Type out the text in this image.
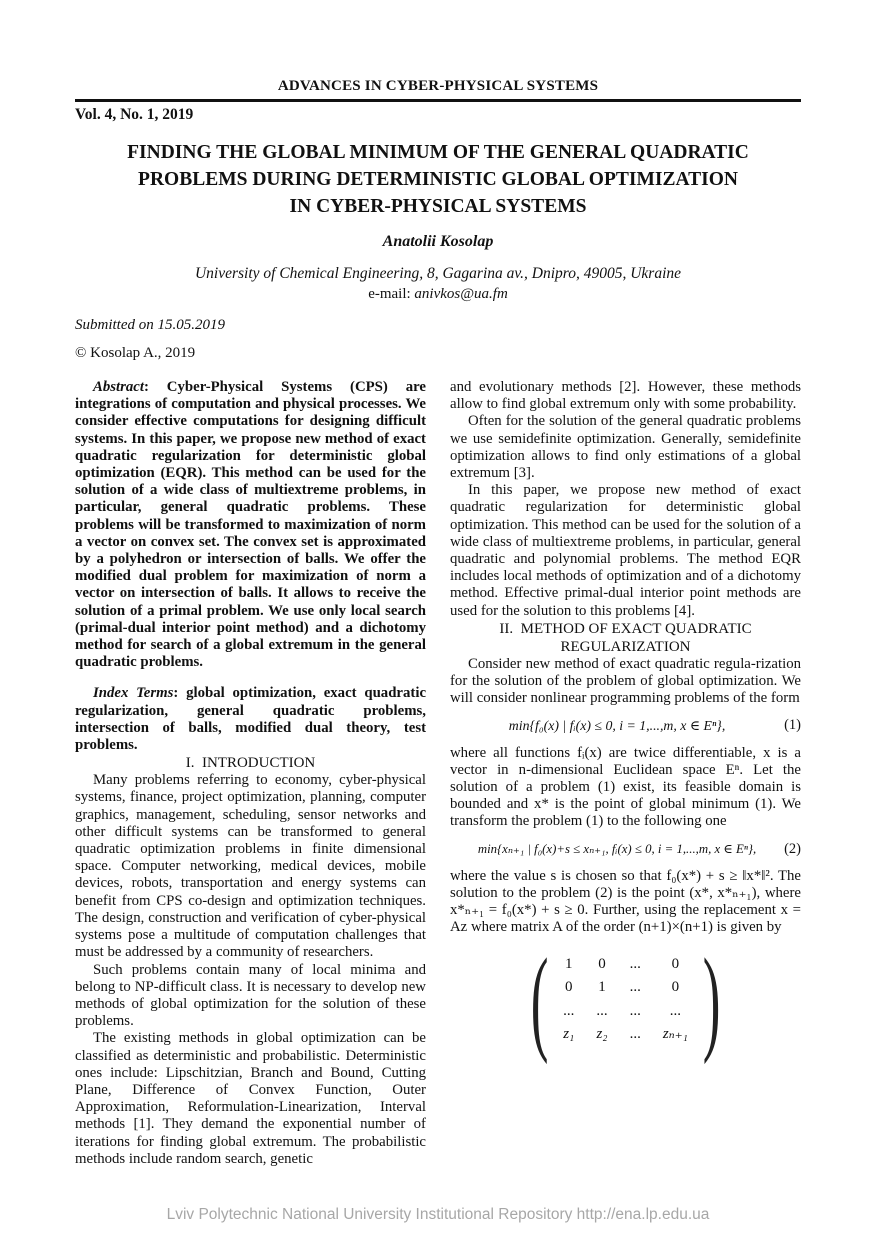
ADVANCES IN CYBER-PHYSICAL SYSTEMS
Vol. 4, No. 1, 2019
FINDING THE GLOBAL MINIMUM OF THE GENERAL QUADRATIC
PROBLEMS DURING DETERMINISTIC GLOBAL OPTIMIZATION
IN CYBER-PHYSICAL SYSTEMS
Anatolii Kosolap
University of Chemical Engineering, 8, Gagarina av., Dnipro, 49005, Ukraine
e-mail: anivkos@ua.fm
Submitted on 15.05.2019
© Kosolap A., 2019

Abstract: Cyber-Physical Systems (CPS) are integrations of computation and physical processes. We consider effective computations for designing difficult systems. In this paper, we propose new method of exact quadratic regularization for deterministic global optimization (EQR). This method can be used for the solution of a wide class of multiextreme problems, in particular, general quadratic problems. These problems will be transformed to maximization of norm a vector on convex set. The convex set is approximated by a polyhedron or intersection of balls. We offer the modified dual problem for maximization of norm a vector on intersection of balls. It allows to receive the solution of a primal problem. We use only local search (primal-dual interior point method) and a dichotomy method for search of a global extremum in the general quadratic problems.

Index Terms: global optimization, exact quadratic regularization, general quadratic problems, intersection of balls, modified dual theory, test problems.

I.  INTRODUCTION

Many problems referring to economy, cyber-physical systems, finance, project optimization, planning, computer graphics, management, scheduling, sensor networks and other difficult systems can be transformed to general quadratic optimization problems in finite dimensional space. Computer networking, medical devices, mobile devices, robots, transportation and energy systems can benefit from CPS co-design and optimization techniques. The design, construction and verification of cyber-physical systems pose a multitude of computation challenges that must be addressed by a community of researchers.

Such problems contain many of local minima and belong to NP-difficult class. It is necessary to develop new methods of global optimization for the solution of these problems.

The existing methods in global optimization can be classified as deterministic and probabilistic. Deterministic ones include: Lipschitzian, Branch and Bound, Cutting Plane, Difference of Convex Function, Outer Approximation, Reformulation-Linearization, Interval methods [1]. They demand the exponential number of iterations for finding global extremum. The probabilistic methods include random search, genetic

and evolutionary methods [2]. However, these methods allow to find global extremum only with some probability.

Often for the solution of the general quadratic problems we use semidefinite optimization. Generally, semidefinite optimization allows to find only estimations of a global extremum [3].

In this paper, we propose new method of exact quadratic regularization for deterministic global optimization. This method can be used for the solution of a wide class of multiextreme problems, in particular, general quadratic and polynomial problems. The method EQR includes local methods of optimization and of a dichotomy method. Effective primal-dual interior point methods are used for the solution to this problems [4].

II.  METHOD OF EXACT QUADRATIC
REGULARIZATION

Consider new method of exact quadratic regula-rization for the solution of the problem of global optimization. We will consider nonlinear programming problems of the form

min{f₀(x) | fᵢ(x) ≤ 0, i = 1,...,m, x ∈ Eⁿ},	(1)

where all functions fᵢ(x) are twice differentiable, x is a vector in n-dimensional Euclidean space Eⁿ. Let the solution of a problem (1) exist, its feasible domain is bounded and x* is the point of global minimum (1). We transform the problem (1) to the following one

min{xₙ₊₁ | f₀(x)+s ≤ xₙ₊₁, fᵢ(x) ≤ 0, i = 1,...,m, x ∈ Eⁿ},	(2)

where the value s is chosen so that f₀(x*) + s ≥ ‖x*‖². The solution to the problem (2) is the point (x*, x*ₙ₊₁), where x*ₙ₊₁ = f₀(x*) + s ≥ 0. Further, using the replacement x = Az where matrix A of the order (n+1)×(n+1) is given by

( 1 0 ...	0
0 1 ...	0
... ... ...	...
z₁ z₂ ... zₙ₊₁ )
Lviv Polytechnic National University Institutional Repository http://ena.lp.edu.ua
